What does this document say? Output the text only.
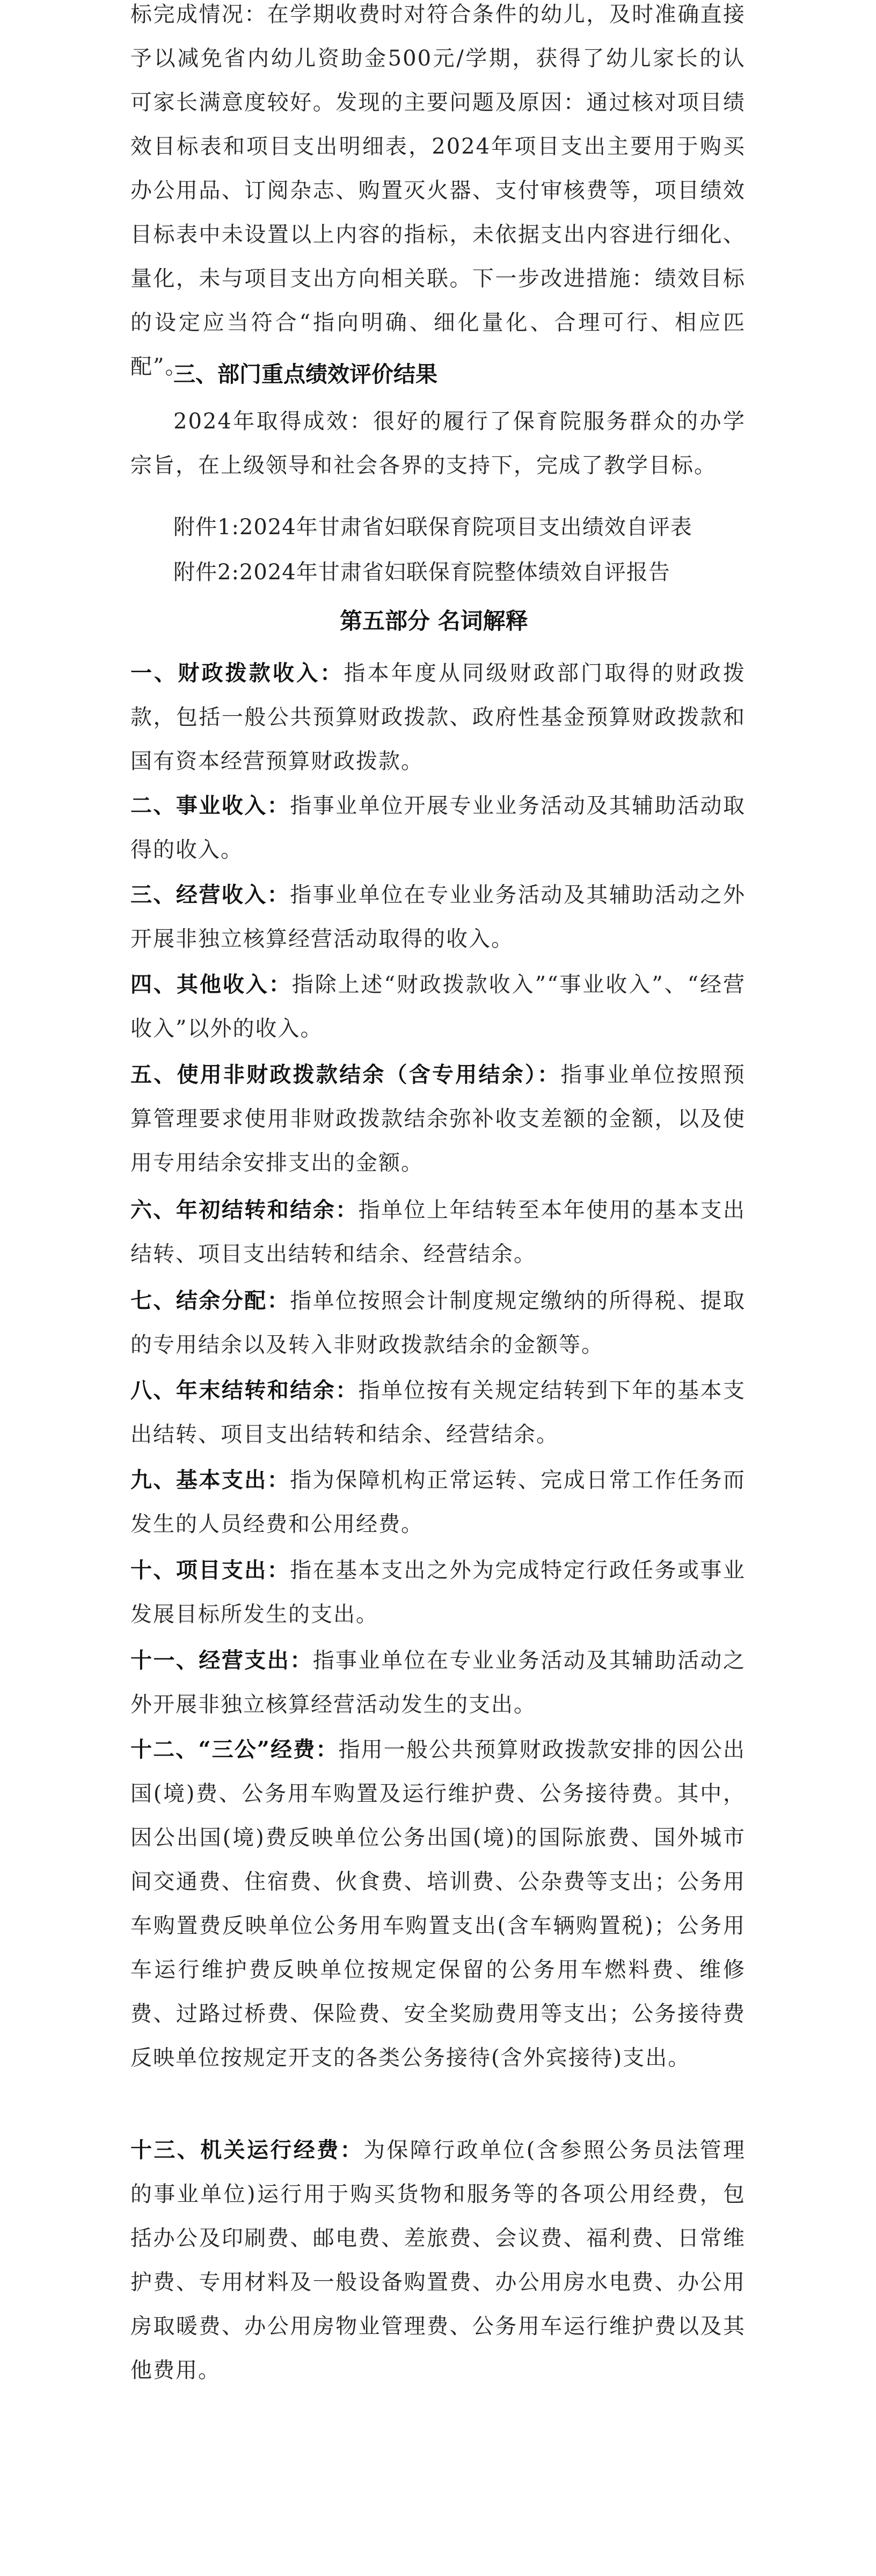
标完成情况：在学期收费时对符合条件的幼儿，及时准确直接予以减免省内幼儿资助金500元/学期，获得了幼儿家长的认可家长满意度较好。发现的主要问题及原因：通过核对项目绩效目标表和项目支出明细表，2024年项目支出主要用于购买办公用品、订阅杂志、购置灭火器、支付审核费等，项目绩效目标表中未设置以上内容的指标，未依据支出内容进行细化、量化，未与项目支出方向相关联。下一步改进措施：绩效目标的设定应当符合“指向明确、细化量化、合理可行、相应匹配”。

三、部门重点绩效评价结果

2024年取得成效：很好的履行了保育院服务群众的办学宗旨，在上级领导和社会各界的支持下，完成了教学目标。

附件1:2024年甘肃省妇联保育院项目支出绩效自评表
附件2:2024年甘肃省妇联保育院整体绩效自评报告
第五部分 名词解释

一、财政拨款收入：指本年度从同级财政部门取得的财政拨款，包括一般公共预算财政拨款、政府性基金预算财政拨款和国有资本经营预算财政拨款。

二、事业收入：指事业单位开展专业业务活动及其辅助活动取得的收入。

三、经营收入：指事业单位在专业业务活动及其辅助活动之外开展非独立核算经营活动取得的收入。

四、其他收入：指除上述“财政拨款收入”“事业收入”、“经营收入”以外的收入。

五、使用非财政拨款结余（含专用结余）：指事业单位按照预算管理要求使用非财政拨款结余弥补收支差额的金额，以及使用专用结余安排支出的金额。

六、年初结转和结余：指单位上年结转至本年使用的基本支出结转、项目支出结转和结余、经营结余。

七、结余分配：指单位按照会计制度规定缴纳的所得税、提取的专用结余以及转入非财政拨款结余的金额等。

八、年末结转和结余：指单位按有关规定结转到下年的基本支出结转、项目支出结转和结余、经营结余。

九、基本支出：指为保障机构正常运转、完成日常工作任务而发生的人员经费和公用经费。

十、项目支出：指在基本支出之外为完成特定行政任务或事业发展目标所发生的支出。

十一、经营支出：指事业单位在专业业务活动及其辅助活动之外开展非独立核算经营活动发生的支出。

十二、“三公”经费：指用一般公共预算财政拨款安排的因公出国(境)费、公务用车购置及运行维护费、公务接待费。其中，因公出国(境)费反映单位公务出国(境)的国际旅费、国外城市间交通费、住宿费、伙食费、培训费、公杂费等支出；公务用车购置费反映单位公务用车购置支出(含车辆购置税)；公务用车运行维护费反映单位按规定保留的公务用车燃料费、维修费、过路过桥费、保险费、安全奖励费用等支出；公务接待费反映单位按规定开支的各类公务接待(含外宾接待)支出。

十三、机关运行经费：为保障行政单位(含参照公务员法管理的事业单位)运行用于购买货物和服务等的各项公用经费，包括办公及印刷费、邮电费、差旅费、会议费、福利费、日常维护费、专用材料及一般设备购置费、办公用房水电费、办公用房取暖费、办公用房物业管理费、公务用车运行维护费以及其他费用。
